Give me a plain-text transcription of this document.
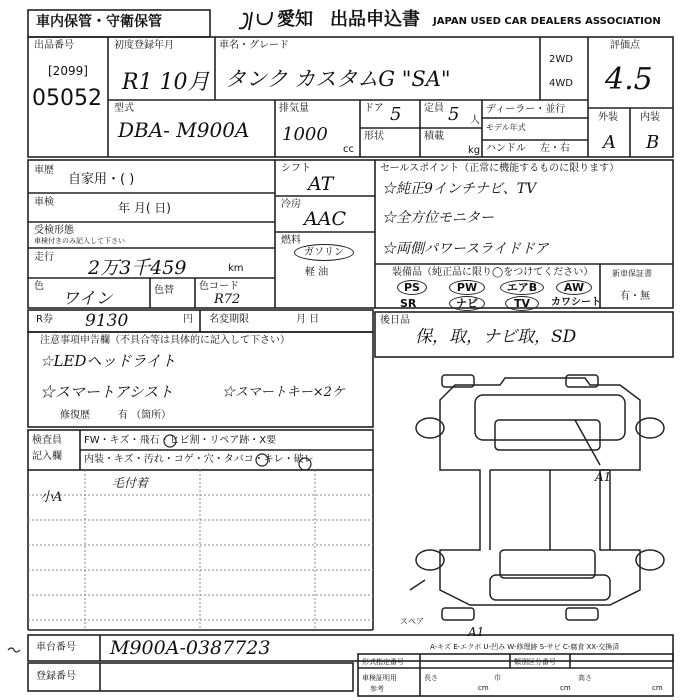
車内保管・守衛保管	愛知 出品申込書 JAPAN USED CAR DEALERS ASSOCIATION
出品番号
[2099]
05052
初度登録年月
R1 10月
車名・グレード
タンク カスタムG "SA"
2WD
4WD
評価点
4.5
外装 内装
A B
型式
DBA- M900A
排気量
1000
cc
ドア 5 定員 5 人
形状	積載
kg
ディーラー・並行
モデル年式
ハンドル 左・右
車歴
自家用・( )
車検	年 月( 日)
受検形態
車検付きのみ記入して下さい
走行 2万3千459	km
色
ワイン	色替	色コード
R72
シフト
AT
冷房
AAC
燃料
ガソリン
軽 油
セールスポイント（正常に機能するものに限ります）
☆純正9インチナビ、TV
☆全方位モニター
☆両側パワースライドドア
装備品（純正品に限り◯をつけてください）
PS	PW	エアB	AW
SR	ナビ	TV	カワシート
新車保証書
有・無
R券 9130	円 名変期限	月 日
注意事項申告欄（不具合等は具体的に記入して下さい）
☆LEDヘッドライト
☆スマートアシスト	☆スマートキー×2ケ
修復歴	有 （箇所）
後日品
保，取，ナビ取，SD
検査員
記入欄
FW・キズ・飛石・ヒビ割・リペア跡・X要
内装・キズ・汚れ・コゲ・穴・タバコ・キレ・破レ
毛付着
小A
A1
A1
スペア
A-キズ E-エクボ U-凹み W-修理跡 S-サビ C-腐食 XX-交換済
車台番号 M900A-0387723
登録番号
形式指定番号	類別区分番号
車検証明用
参考
長さ
cm
巾
cm
高さ
cm
